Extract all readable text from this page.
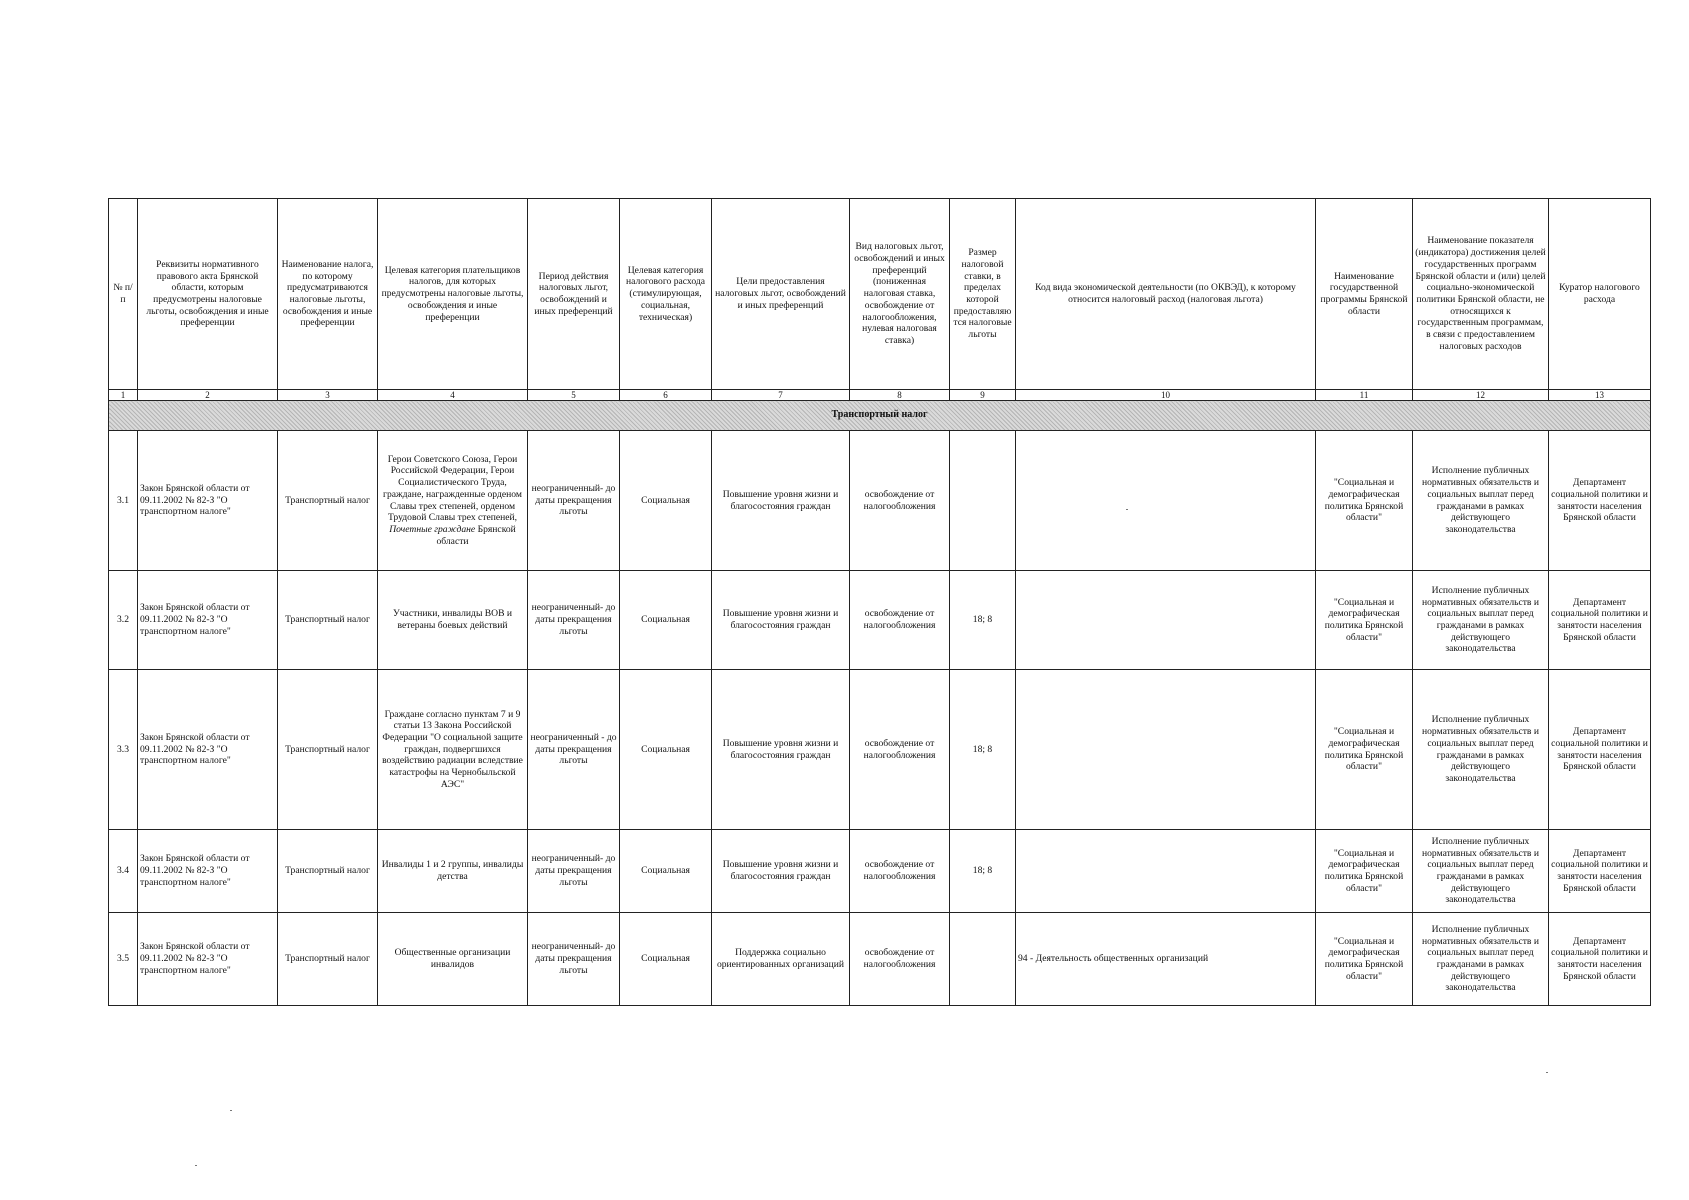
№ п/п	Реквизиты нормативного правового акта Брянской области, которым предусмотрены налоговые льготы, освобождения и иные преференции	Наименование налога, по которому предусматриваются налоговые льготы, освобождения и иные преференции	Целевая категория плательщиков налогов, для которых предусмотрены налоговые льготы, освобождения и иные преференции	Период действия налоговых льгот, освобождений и иных преференций	Целевая категория налогового расхода (стимулирующая, социальная, техническая)	Цели предоставления налоговых льгот, освобождений и иных преференций	Вид налоговых льгот, освобождений и иных преференций (пониженная налоговая ставка, освобождение от налогообложения, нулевая налоговая ставка)	Размер налоговой ставки, в пределах которой предоставляются налоговые льготы	Код вида экономической деятельности (по ОКВЭД), к которому относится налоговый расход (налоговая льгота)	Наименование государственной программы Брянской области	Наименование показателя (индикатора) достижения целей государственных программ Брянской области и (или) целей социально-экономической политики Брянской области, не относящихся к государственным программам, в связи с предоставлением налоговых расходов	Куратор налогового расхода
1	2	3	4	5	6	7	8	9	10	11	12	13
Транспортный налог												
3.1	Закон Брянской области от 09.11.2002 № 82-З "О транспортном налоге"	Транспортный налог	Герои Советского Союза, Герои Российской Федерации, Герои Социалистического Труда, граждане, награжденные орденом Славы трех степеней, орденом Трудовой Славы трех степеней, Почетные граждане Брянской области	неограниченный- до даты прекращения льготы	Социальная	Повышение уровня жизни и благосостояния граждан	освобождение от налогообложения			"Социальная и демографическая политика Брянской области"	Исполнение публичных нормативных обязательств и социальных выплат перед гражданами в рамках действующего законодательства	Департамент социальной политики и занятости населения Брянской области
3.2	Закон Брянской области от 09.11.2002 № 82-З "О транспортном налоге"	Транспортный налог	Участники, инвалиды ВОВ и ветераны боевых действий	неограниченный- до даты прекращения льготы	Социальная	Повышение уровня жизни и благосостояния граждан	освобождение от налогообложения	18; 8		"Социальная и демографическая политика Брянской области"	Исполнение публичных нормативных обязательств и социальных выплат перед гражданами в рамках действующего законодательства	Департамент социальной политики и занятости населения Брянской области
3.3	Закон Брянской области от 09.11.2002 № 82-З "О транспортном налоге"	Транспортный налог	Граждане согласно пунктам 7 и 9 статьи 13 Закона Российской Федерации "О социальной защите граждан, подвергшихся воздействию радиации вследствие катастрофы на Чернобыльской АЭС"	неограниченный - до даты прекращения льготы	Социальная	Повышение уровня жизни и благосостояния граждан	освобождение от налогообложения	18; 8		"Социальная и демографическая политика Брянской области"	Исполнение публичных нормативных обязательств и социальных выплат перед гражданами в рамках действующего законодательства	Департамент социальной политики и занятости населения Брянской области
3.4	Закон Брянской области от 09.11.2002 № 82-З "О транспортном налоге"	Транспортный налог	Инвалиды 1 и 2 группы, инвалиды детства	неограниченный- до даты прекращения льготы	Социальная	Повышение уровня жизни и благосостояния граждан	освобождение от налогообложения	18; 8		"Социальная и демографическая политика Брянской области"	Исполнение публичных нормативных обязательств и социальных выплат перед гражданами в рамках действующего законодательства	Департамент социальной политики и занятости населения Брянской области
3.5	Закон Брянской области от 09.11.2002 № 82-З "О транспортном налоге"	Транспортный налог	Общественные организации инвалидов	неограниченный- до даты прекращения льготы	Социальная	Поддержка социально ориентированных организаций	освобождение от налогообложения		94 - Деятельность общественных организаций	"Социальная и демографическая политика Брянской области"	Исполнение публичных нормативных обязательств и социальных выплат перед гражданами в рамках действующего законодательства	Департамент социальной политики и занятости населения Брянской области
